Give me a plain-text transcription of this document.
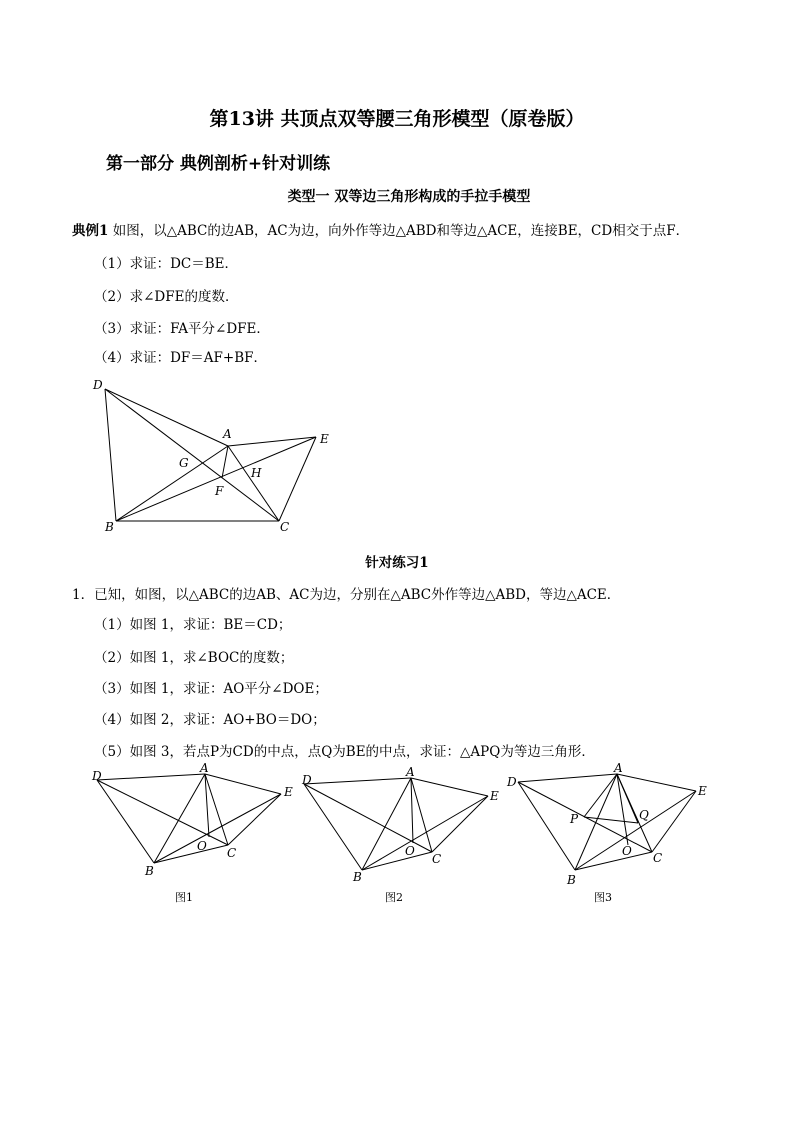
第13讲 共顶点双等腰三角形模型（原卷版）
第一部分 典例剖析+针对训练
类型一 双等边三角形构成的手拉手模型
典例1 如图，以△ABC的边AB，AC为边，向外作等边△ABD和等边△ACE，连接BE，CD相交于点F．
（1）求证：DC＝BE．
（2）求∠DFE的度数．
（3）求证：FA平分∠DFE．
（4）求证：DF＝AF+BF．
D
A	E
G
H
F
B	C
针对练习1
1．已知，如图，以△ABC的边AB、AC为边，分别在△ABC外作等边△ABD，等边△ACE．
（1）如图 1，求证：BE＝CD；
（2）如图 1，求∠BOC的度数；
（3）如图 1，求证：AO平分∠DOE；
（4）如图 2，求证：AO+BO＝DO；
（5）如图 3，若点P为CD的中点，点Q为BE的中点，求证：△APQ为等边三角形．
D
A
E
O
B
C
图1
D
A
E
O
B
C
图2
D
A
E
P	Q
O
B
C
图3
